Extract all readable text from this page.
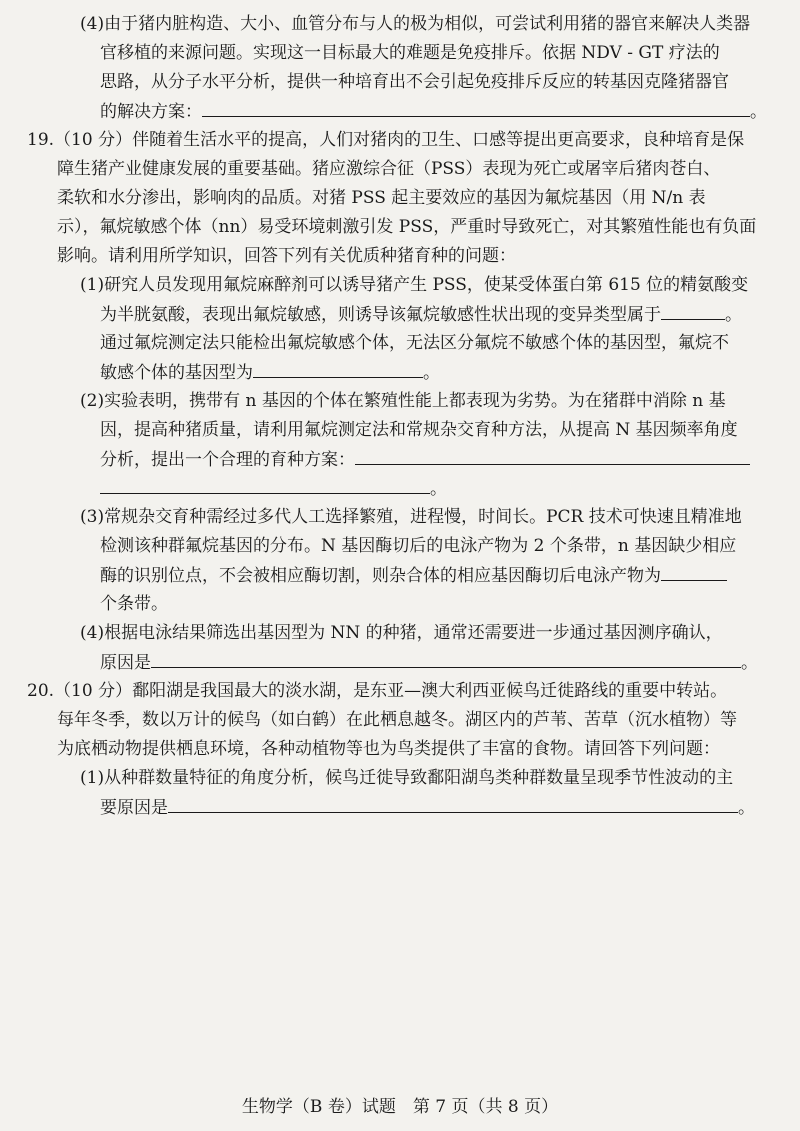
(4)由于猪内脏构造、大小、血管分布与人的极为相似，可尝试利用猪的器官来解决人类器
官移植的来源问题。实现这一目标最大的难题是免疫排斥。依据 NDV - GT 疗法的
思路，从分子水平分析，提供一种培育出不会引起免疫排斥反应的转基因克隆猪器官
的解决方案：	。
19.（10 分）伴随着生活水平的提高，人们对猪肉的卫生、口感等提出更高要求，良种培育是保
障生猪产业健康发展的重要基础。猪应激综合征（PSS）表现为死亡或屠宰后猪肉苍白、
柔软和水分渗出，影响肉的品质。对猪 PSS 起主要效应的基因为氟烷基因（用 N/n 表
示），氟烷敏感个体（nn）易受环境刺激引发 PSS，严重时导致死亡，对其繁殖性能也有负面
影响。请利用所学知识，回答下列有关优质种猪育种的问题：
(1)研究人员发现用氟烷麻醉剂可以诱导猪产生 PSS，使某受体蛋白第 615 位的精氨酸变
为半胱氨酸，表现出氟烷敏感，则诱导该氟烷敏感性状出现的变异类型属于	。
通过氟烷测定法只能检出氟烷敏感个体，无法区分氟烷不敏感个体的基因型，氟烷不
敏感个体的基因型为	。
(2)实验表明，携带有 n 基因的个体在繁殖性能上都表现为劣势。为在猪群中消除 n 基
因，提高种猪质量，请利用氟烷测定法和常规杂交育种方法，从提高 N 基因频率角度
分析，提出一个合理的育种方案：
。
(3)常规杂交育种需经过多代人工选择繁殖，进程慢，时间长。PCR 技术可快速且精准地
检测该种群氟烷基因的分布。N 基因酶切后的电泳产物为 2 个条带，n 基因缺少相应
酶的识别位点，不会被相应酶切割，则杂合体的相应基因酶切后电泳产物为
个条带。
(4)根据电泳结果筛选出基因型为 NN 的种猪，通常还需要进一步通过基因测序确认，
原因是	。
20.（10 分）鄱阳湖是我国最大的淡水湖，是东亚—澳大利西亚候鸟迁徙路线的重要中转站。
每年冬季，数以万计的候鸟（如白鹤）在此栖息越冬。湖区内的芦苇、苦草（沉水植物）等
为底栖动物提供栖息环境，各种动植物等也为鸟类提供了丰富的食物。请回答下列问题：
(1)从种群数量特征的角度分析，候鸟迁徙导致鄱阳湖鸟类种群数量呈现季节性波动的主
要原因是	。
生物学（B 卷）试题　第 7 页（共 8 页）
